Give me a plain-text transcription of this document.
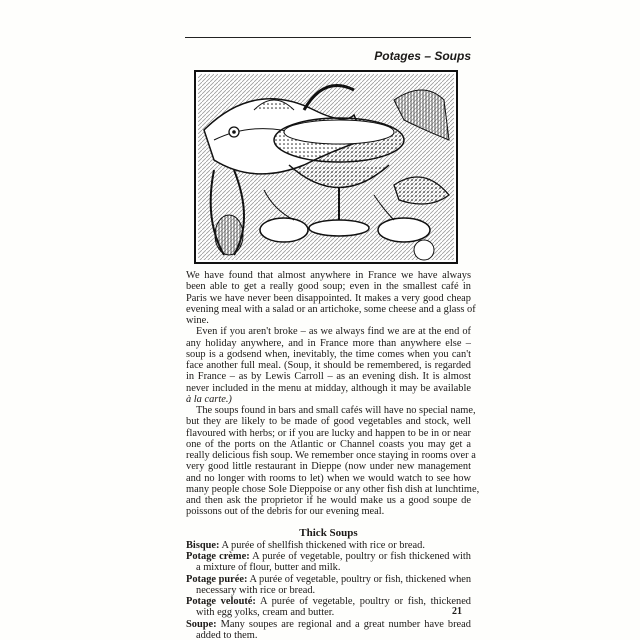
Potages – Soups
We have found that almost anywhere in France we have always
been able to get a really good soup; even in the smallest café in
Paris we have never been disappointed. It makes a very good cheap
evening meal with a salad or an artichoke, some cheese and a glass of
wine.
Even if you aren't broke – as we always find we are at the end of
any holiday anywhere, and in France more than anywhere else –
soup is a godsend when, inevitably, the time comes when you can't
face another full meal. (Soup, it should be remembered, is regarded
in France – as by Lewis Carroll – as an evening dish. It is almost
never included in the menu at midday, although it may be available
à la carte.)
The soups found in bars and small cafés will have no special name,
but they are likely to be made of good vegetables and stock, well
flavoured with herbs; or if you are lucky and happen to be in or near
one of the ports on the Atlantic or Channel coasts you may get a
really delicious fish soup. We remember once staying in rooms over a
very good little restaurant in Dieppe (now under new management
and no longer with rooms to let) when we would watch to see how
many people chose Sole Dieppoise or any other fish dish at lunchtime,
and then ask the proprietor if he would make us a good soupe de
poissons out of the debris for our evening meal.
Thick Soups
Bisque: A purée of shellfish thickened with rice or bread.
Potage crème: A purée of vegetable, poultry or fish thickened with
a mixture of flour, butter and milk.
Potage purée: A purée of vegetable, poultry or fish, thickened when
necessary with rice or bread.
Potage velouté: A purée of vegetable, poultry or fish, thickened
with egg yolks, cream and butter.
Soupe: Many soupes are regional and a great number have bread
added to them.
21
